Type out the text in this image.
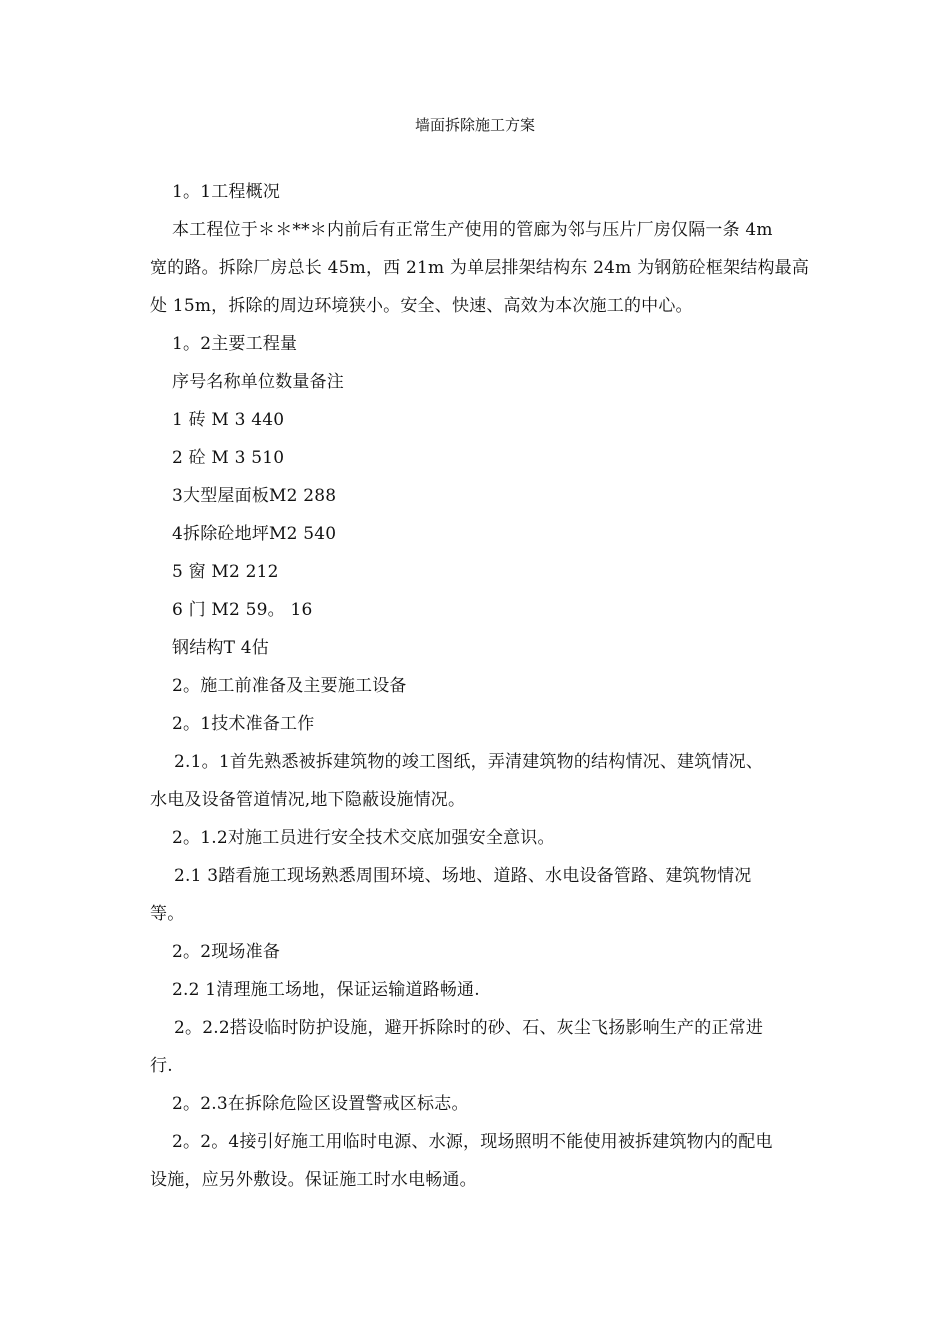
墙面拆除施工方案
1。1工程概况
本工程位于＊＊**＊内前后有正常生产使用的管廊为邻与压片厂房仅隔一条 4m
宽的路。拆除厂房总长 45m，西 21m 为单层排架结构东 24m 为钢筋砼框架结构最高
处 15m，拆除的周边环境狭小。安全、快速、高效为本次施工的中心。
1。2主要工程量
序号名称单位数量备注
1 砖 M 3 440
2 砼 M 3 510
3大型屋面板M2 288
4拆除砼地坪M2 540
5 窗 M2 212
6 门 M2 59。 16
钢结构T 4估
2。施工前准备及主要施工设备
2。1技术准备工作
2.1。1首先熟悉被拆建筑物的竣工图纸，弄清建筑物的结构情况、建筑情况、
水电及设备管道情况,地下隐蔽设施情况。
2。1.2对施工员进行安全技术交底加强安全意识。
2.1 3踏看施工现场熟悉周围环境、场地、道路、水电设备管路、建筑物情况
等。
2。2现场准备
2.2 1清理施工场地，保证运输道路畅通.
2。2.2搭设临时防护设施，避开拆除时的砂、石、灰尘飞扬影响生产的正常进
行.
2。2.3在拆除危险区设置警戒区标志。
2。2。4接引好施工用临时电源、水源，现场照明不能使用被拆建筑物内的配电
设施，应另外敷设。保证施工时水电畅通。
